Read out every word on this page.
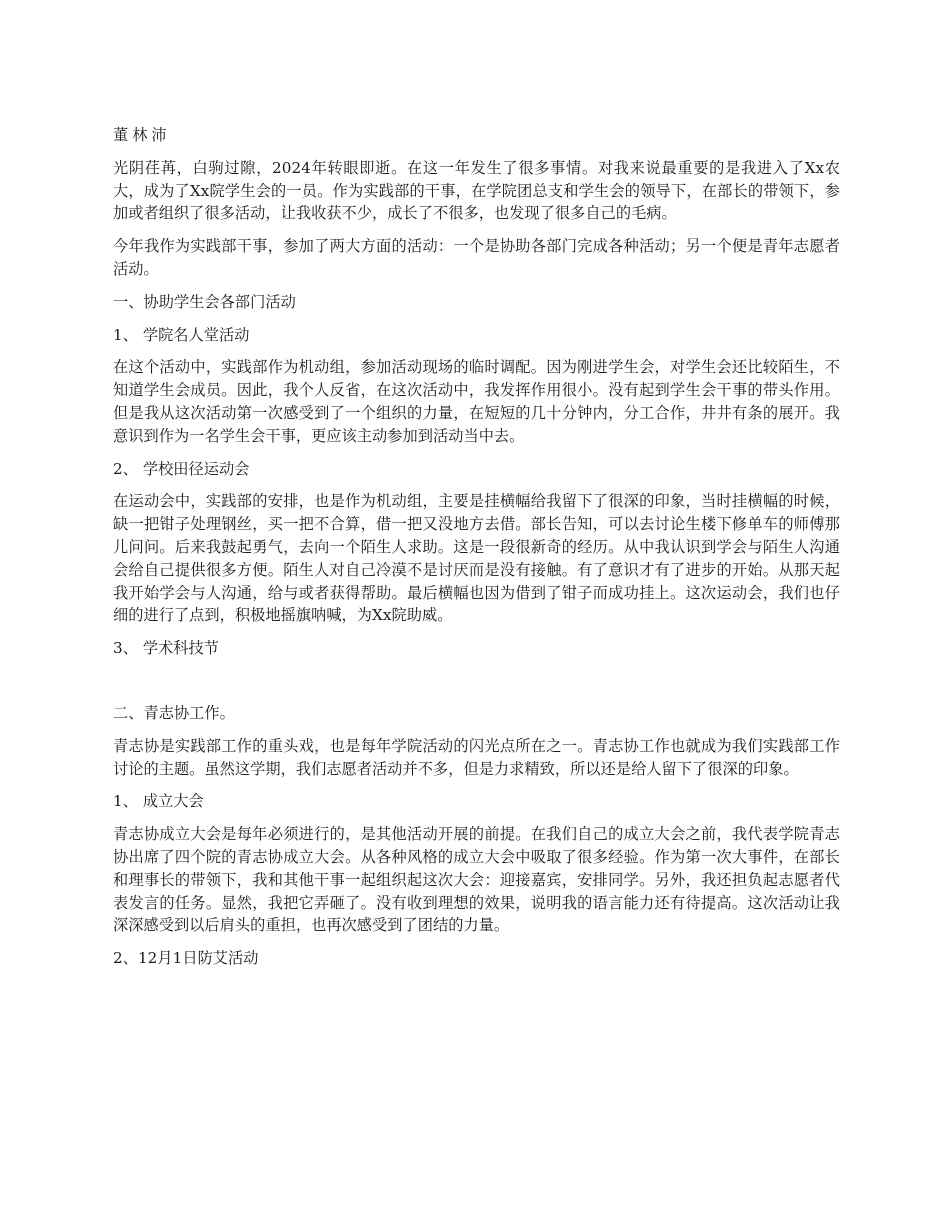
董林沛

光阴荏苒，白驹过隙，2024年转眼即逝。在这一年发生了很多事情。对我来说最重要的是我进入了Xx农大，成为了Xx院学生会的一员。作为实践部的干事，在学院团总支和学生会的领导下，在部长的带领下，参加或者组织了很多活动，让我收获不少，成长了不很多，也发现了很多自己的毛病。

今年我作为实践部干事，参加了两大方面的活动：一个是协助各部门完成各种活动；另一个便是青年志愿者活动。

一、协助学生会各部门活动

1、 学院名人堂活动

在这个活动中，实践部作为机动组，参加活动现场的临时调配。因为刚进学生会，对学生会还比较陌生，不知道学生会成员。因此，我个人反省，在这次活动中，我发挥作用很小。没有起到学生会干事的带头作用。但是我从这次活动第一次感受到了一个组织的力量，在短短的几十分钟内，分工合作，井井有条的展开。我意识到作为一名学生会干事，更应该主动参加到活动当中去。

2、 学校田径运动会

在运动会中，实践部的安排，也是作为机动组，主要是挂横幅给我留下了很深的印象，当时挂横幅的时候，缺一把钳子处理钢丝，买一把不合算，借一把又没地方去借。部长告知，可以去讨论生楼下修单车的师傅那儿问问。后来我鼓起勇气，去向一个陌生人求助。这是一段很新奇的经历。从中我认识到学会与陌生人沟通会给自己提供很多方便。陌生人对自己冷漠不是讨厌而是没有接触。有了意识才有了进步的开始。从那天起我开始学会与人沟通，给与或者获得帮助。最后横幅也因为借到了钳子而成功挂上。这次运动会，我们也仔细的进行了点到，积极地摇旗呐喊，为Xx院助威。

3、 学术科技节

二、青志协工作。

青志协是实践部工作的重头戏，也是每年学院活动的闪光点所在之一。青志协工作也就成为我们实践部工作讨论的主题。虽然这学期，我们志愿者活动并不多，但是力求精致，所以还是给人留下了很深的印象。

1、 成立大会

青志协成立大会是每年必须进行的，是其他活动开展的前提。在我们自己的成立大会之前，我代表学院青志协出席了四个院的青志协成立大会。从各种风格的成立大会中吸取了很多经验。作为第一次大事件，在部长和理事长的带领下，我和其他干事一起组织起这次大会：迎接嘉宾，安排同学。另外，我还担负起志愿者代表发言的任务。显然，我把它弄砸了。没有收到理想的效果，说明我的语言能力还有待提高。这次活动让我深深感受到以后肩头的重担，也再次感受到了团结的力量。

2、12月1日防艾活动
